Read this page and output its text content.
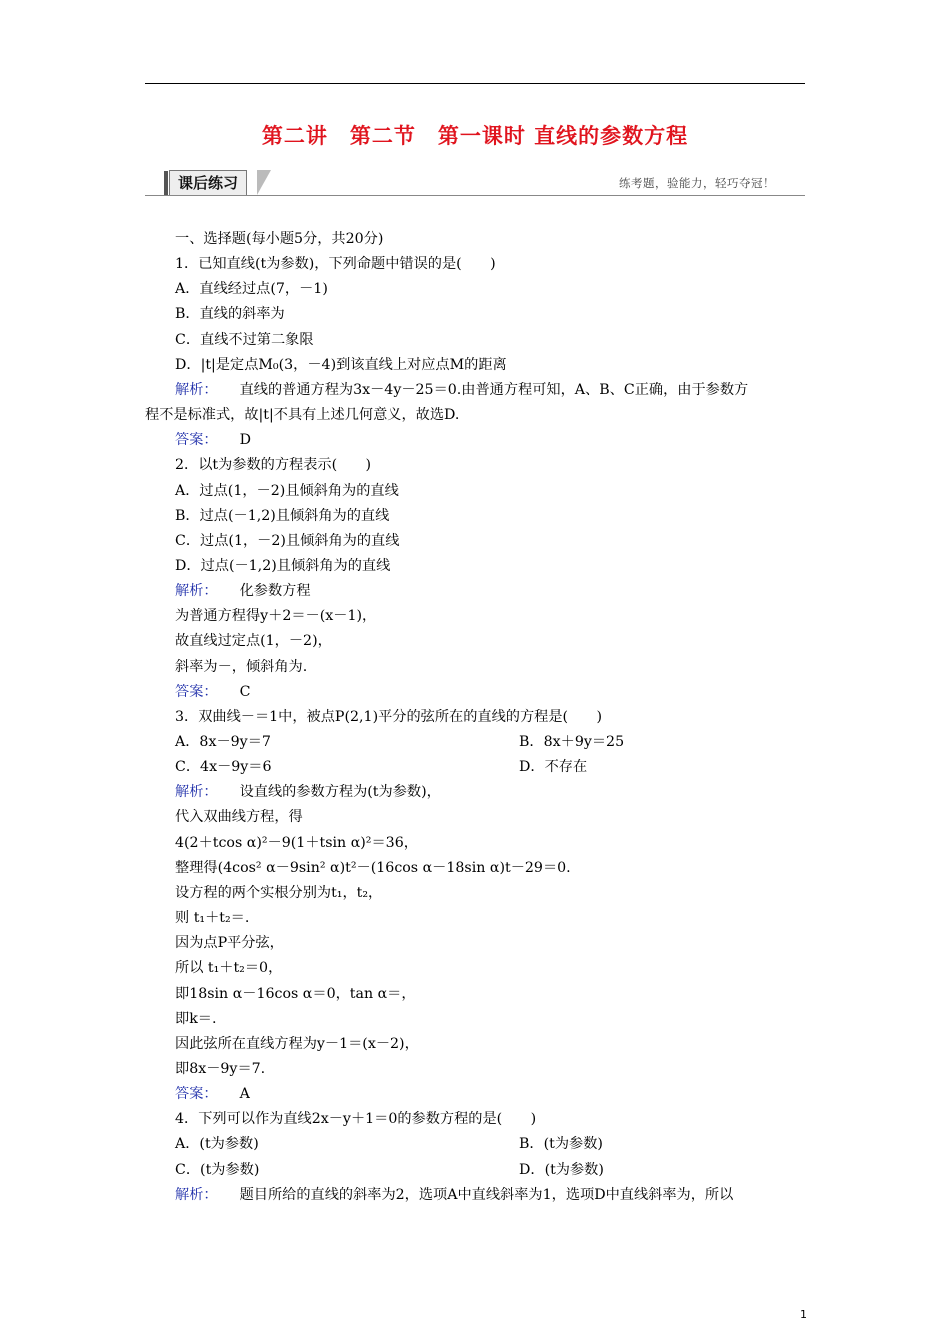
第二讲　第二节　第一课时 直线的参数方程
课后练习	练考题，验能力，轻巧夺冠！
一、选择题(每小题5分，共20分)
1．已知直线(t为参数)，下列命题中错误的是(　　)
A．直线经过点(7，－1)
B．直线的斜率为
C．直线不过第二象限
D．|t|是定点M₀(3，－4)到该直线上对应点M的距离
解析： 直线的普通方程为3x－4y－25＝0.由普通方程可知，A、B、C正确，由于参数方
程不是标准式，故|t|不具有上述几何意义，故选D.
答案： D
2．以t为参数的方程表示(　　)
A．过点(1，－2)且倾斜角为的直线
B．过点(－1,2)且倾斜角为的直线
C．过点(1，－2)且倾斜角为的直线
D．过点(－1,2)且倾斜角为的直线
解析： 化参数方程
为普通方程得y＋2＝－(x－1)，
故直线过定点(1，－2)，
斜率为－，倾斜角为.
答案： C
3．双曲线－＝1中，被点P(2,1)平分的弦所在的直线的方程是(　　)
A．8x－9y＝7	B．8x＋9y＝25
C．4x－9y＝6	D．不存在
解析： 设直线的参数方程为(t为参数)，
代入双曲线方程，得
4(2＋tcos α)²－9(1＋tsin α)²＝36，
整理得(4cos² α－9sin² α)t²－(16cos α－18sin α)t－29＝0.
设方程的两个实根分别为t₁，t₂，
则 t₁＋t₂＝.
因为点P平分弦，
所以 t₁＋t₂＝0，
即18sin α－16cos α＝0，tan α＝，
即k＝.
因此弦所在直线方程为y－1＝(x－2)，
即8x－9y＝7.
答案： A
4．下列可以作为直线2x－y＋1＝0的参数方程的是(　　)
A．(t为参数)	B．(t为参数)
C．(t为参数)	D．(t为参数)
解析： 题目所给的直线的斜率为2，选项A中直线斜率为1，选项D中直线斜率为，所以
1
